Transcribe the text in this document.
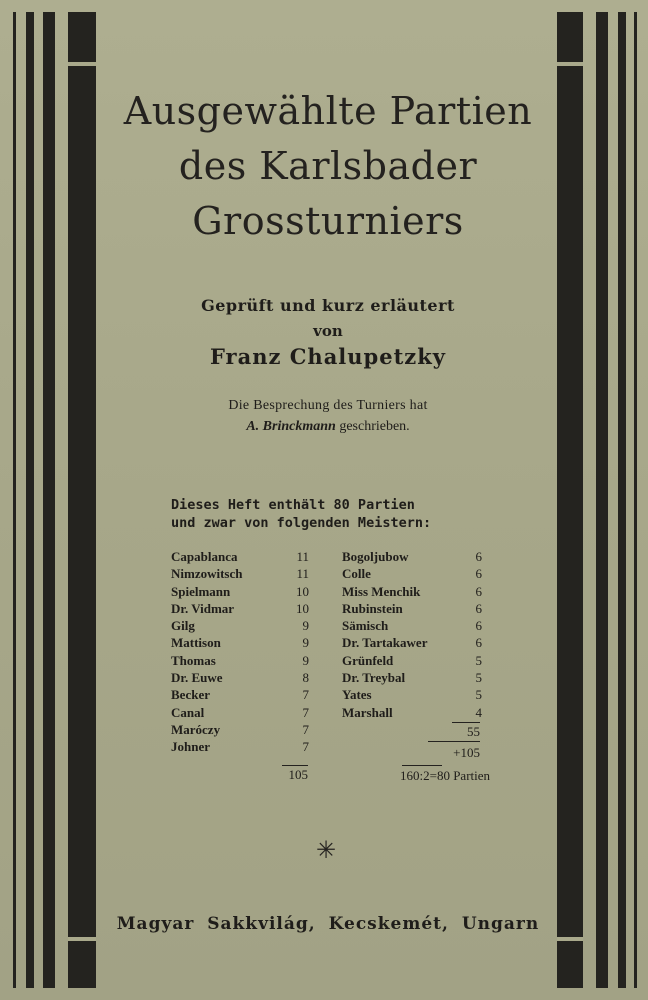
Ausgewählte Partien
des Karlsbader
Grossturniers
Geprüft und kurz erläutert
von
Franz Chalupetzky
Die Besprechung des Turniers hat
A. Brinckmann geschrieben.
Dieses Heft enthält 80 Partien
und zwar von folgenden Meistern:
Capablanca	11
Nimzowitsch	11
Spielmann	10
Dr. Vidmar	10
Gilg	9
Mattison	9
Thomas	9
Dr. Euwe	8
Becker	7
Canal	7
Maróczy	7
Johner	7
Bogoljubow	6
Colle	6
Miss Menchik	6
Rubinstein	6
Sämisch	6
Dr. Tartakawer	6
Grünfeld	5
Dr. Treybal	5
Yates	5
Marshall	4
105
55
+105
160:2=80 Partien
✳
Magyar Sakkvilág, Kecskemét, Ungarn
